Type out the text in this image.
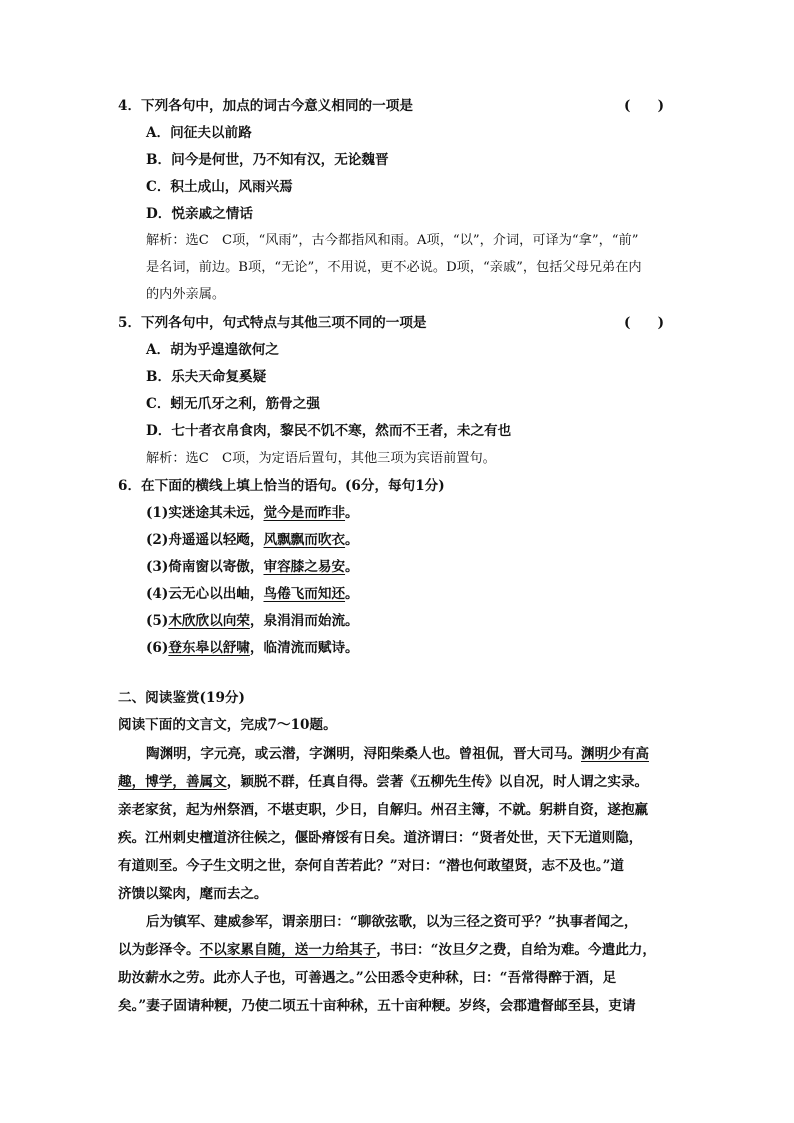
4．下列各句中，加点的词古今意义相同的一项是	(　　)
A．问征夫以前路
B．问今是何世，乃不知有汉，无论魏晋
C．积土成山，风雨兴焉
D．悦亲戚之情话
解析：选C　C项，“风雨”，古今都指风和雨。A项，“以”，介词，可译为“拿”，“前”
是名词，前边。B项，“无论”，不用说，更不必说。D项，“亲戚”，包括父母兄弟在内
的内外亲属。
5．下列各句中，句式特点与其他三项不同的一项是	(　　)
A．胡为乎遑遑欲何之
B．乐夫天命复奚疑
C．蚓无爪牙之利，筋骨之强
D．七十者衣帛食肉，黎民不饥不寒，然而不王者，未之有也
解析：选C　C项，为定语后置句，其他三项为宾语前置句。
6．在下面的横线上填上恰当的语句。(6分，每句1分)
(1)实迷途其未远，觉今是而昨非。
(2)舟遥遥以轻飏，风飘飘而吹衣。
(3)倚南窗以寄傲，审容膝之易安。
(4)云无心以出岫，鸟倦飞而知还。
(5)木欣欣以向荣，泉涓涓而始流。
(6)登东皋以舒啸，临清流而赋诗。
二、阅读鉴赏(19分)
阅读下面的文言文，完成7～10题。
陶渊明，字元亮，或云潜，字渊明，浔阳柴桑人也。曾祖侃，晋大司马。渊明少有高
趣，博学，善属文，颖脱不群，任真自得。尝著《五柳先生传》以自况，时人谓之实录。
亲老家贫，起为州祭酒，不堪吏职，少日，自解归。州召主簿，不就。躬耕自资，遂抱羸
疾。江州刺史檀道济往候之，偃卧瘠馁有日矣。道济谓曰：“贤者处世，天下无道则隐，
有道则至。今子生文明之世，奈何自苦若此？”对曰：“潜也何敢望贤，志不及也。”道
济馈以粱肉，麾而去之。
后为镇军、建威参军，谓亲朋曰：“聊欲弦歌，以为三径之资可乎？”执事者闻之，
以为彭泽令。不以家累自随，送一力给其子，书曰：“汝旦夕之费，自给为难。今遣此力，
助汝薪水之劳。此亦人子也，可善遇之。”公田悉令吏种秫，曰：“吾常得醉于酒，足
矣。”妻子固请种粳，乃使二顷五十亩种秫，五十亩种粳。岁终，会郡遣督邮至县，吏请
